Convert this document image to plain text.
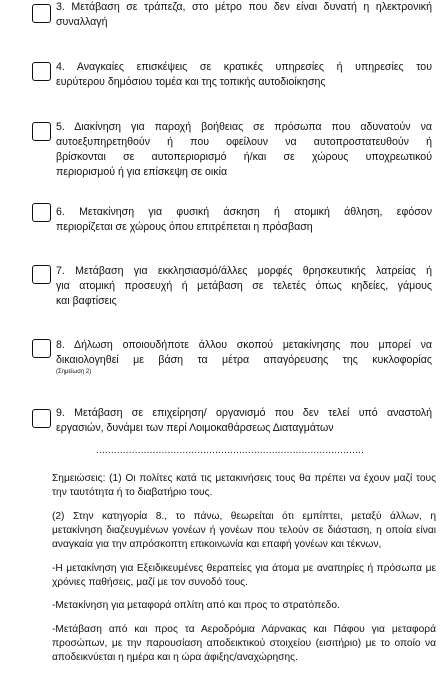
3. Μετάβαση σε τράπεζα, στο μέτρο που δεν είναι δυνατή η ηλεκτρονική
συναλλαγή
4. Αναγκαίες επισκέψεις σε κρατικές υπηρεσίες ή υπηρεσίες του
ευρύτερου δημόσιου τομέα και της τοπικής αυτοδιοίκησης
5. Διακίνηση για παροχή βοήθειας σε πρόσωπα που αδυνατούν να
αυτοεξυπηρετηθούν ή που οφείλουν να αυτοπροστατευθούν ή
βρίσκονται σε αυτοπεριορισμό ή/και σε χώρους υποχρεωτικού
περιορισμού ή για επίσκεψη σε οικία
6. Μετακίνηση για φυσική άσκηση ή ατομική άθληση, εφόσον
περιορίζεται σε χώρους όπου επιτρέπεται η πρόσβαση
7. Μετάβαση για εκκλησιασμό/άλλες μορφές θρησκευτικής λατρείας ή
για ατομική προσευχή ή μετάβαση σε τελετές όπως κηδείες, γάμους
και βαφτίσεις
8. Δήλωση οποιουδήποτε άλλου σκοπού μετακίνησης που μπορεί να
δικαιολογηθεί με βάση τα μέτρα απαγόρευσης της κυκλοφορίας
(Σημείωση 2)
9. Μετάβαση σε επιχείρηση/ οργανισμό που δεν τελεί υπό αναστολή
εργασιών, δυνάμει των περί Λοιμοκαθάρσεως Διαταγμάτων
..........................................................................................
Σημειώσεις: (1) Οι πολίτες κατά τις μετακινήσεις τους θα πρέπει να έχουν μαζί τους
την ταυτότητα ή το διαβατήριο τους.
(2) Στην κατηγορία 8., το πάνω, θεωρείται ότι εμπίπτει, μεταξύ άλλων, η
μετακίνηση διαζευγμένων γονέων ή γονέων που τελούν σε διάσταση, η οποία είναι
αναγκαία για την απρόσκοπτη επικοινωνία και επαφή γονέων και τέκνων,
-Η μετακίνηση για Εξειδικευμένες θεραπείες για άτομα με αναπηρίες ή πρόσωπα με
χρόνιες παθήσεις, μαζί με τον συνοδό τους.
-Μετακίνηση για μεταφορά οπλίτη από και προς το στρατόπεδο.
-Μετάβαση από και προς τα Αεροδρόμια Λάρνακας και Πάφου για μεταφορά
προσώπων, με την παρουσίαση αποδεικτικού στοιχείου (εισιτήριο) με το οποίο να
αποδεικνύεται η ημέρα και η ώρα άφιξης/αναχώρησης.
